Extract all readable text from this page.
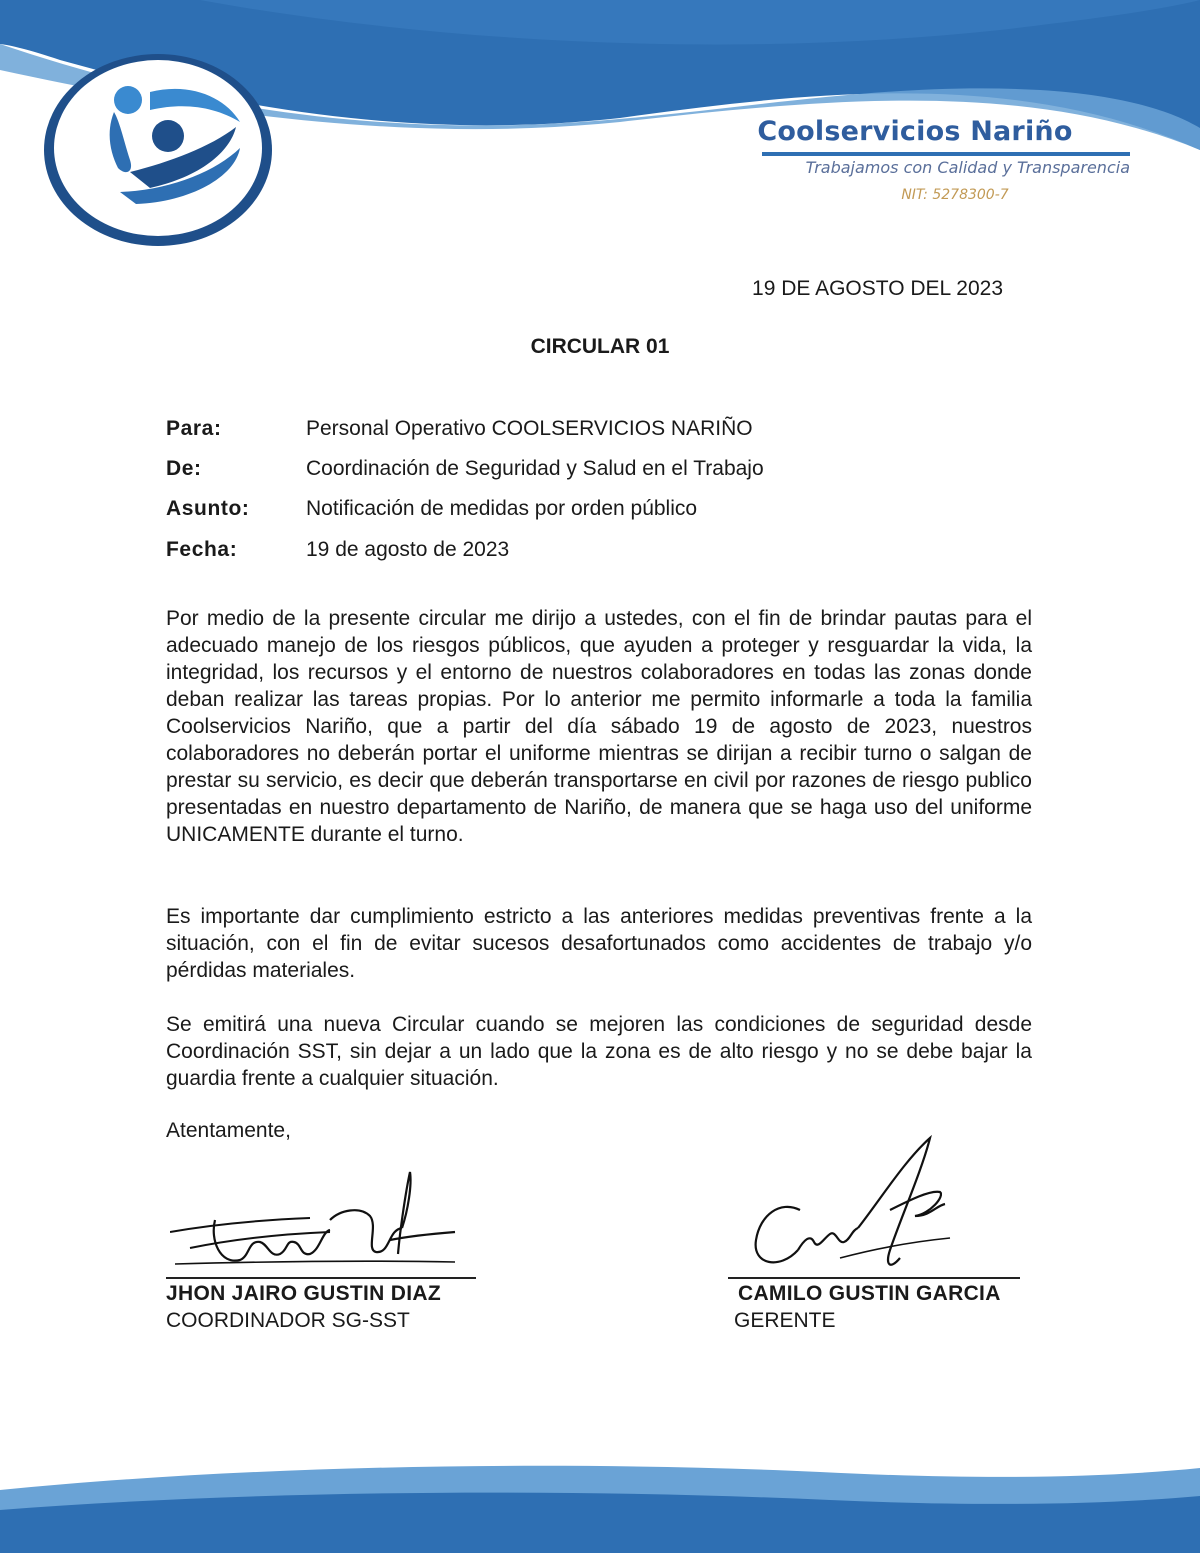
Coolservicios Nariño
Trabajamos con Calidad y Transparencia
NIT: 5278300-7
19 DE AGOSTO DEL 2023
CIRCULAR 01
Para:	Personal Operativo COOLSERVICIOS NARIÑO
De:	Coordinación de Seguridad y Salud en el Trabajo
Asunto:	Notificación de medidas por orden público
Fecha:	19 de agosto de 2023

Por medio de la presente circular me dirijo a ustedes, con el fin de brindar pautas para el adecuado manejo de los riesgos públicos, que ayuden a proteger y resguardar la vida, la integridad, los recursos y el entorno de nuestros colaboradores en todas las zonas donde deban realizar las tareas propias. Por lo anterior me permito informarle a toda la familia Coolservicios Nariño, que a partir del día sábado 19 de agosto de 2023, nuestros colaboradores no deberán portar el uniforme mientras se dirijan a recibir turno o salgan de prestar su servicio, es decir que deberán transportarse en civil por razones de riesgo publico presentadas en nuestro departamento de Nariño, de manera que se haga uso del uniforme UNICAMENTE durante el turno.

Es importante dar cumplimiento estricto a las anteriores medidas preventivas frente a la situación, con el fin de evitar sucesos desafortunados como accidentes de trabajo y/o pérdidas materiales.

Se emitirá una nueva Circular cuando se mejoren las condiciones de seguridad desde Coordinación SST, sin dejar a un lado que la zona es de alto riesgo y no se debe bajar la guardia frente a cualquier situación.

Atentamente,
JHON JAIRO GUSTIN DIAZ
COORDINADOR SG-SST
CAMILO GUSTIN GARCIA
GERENTE
